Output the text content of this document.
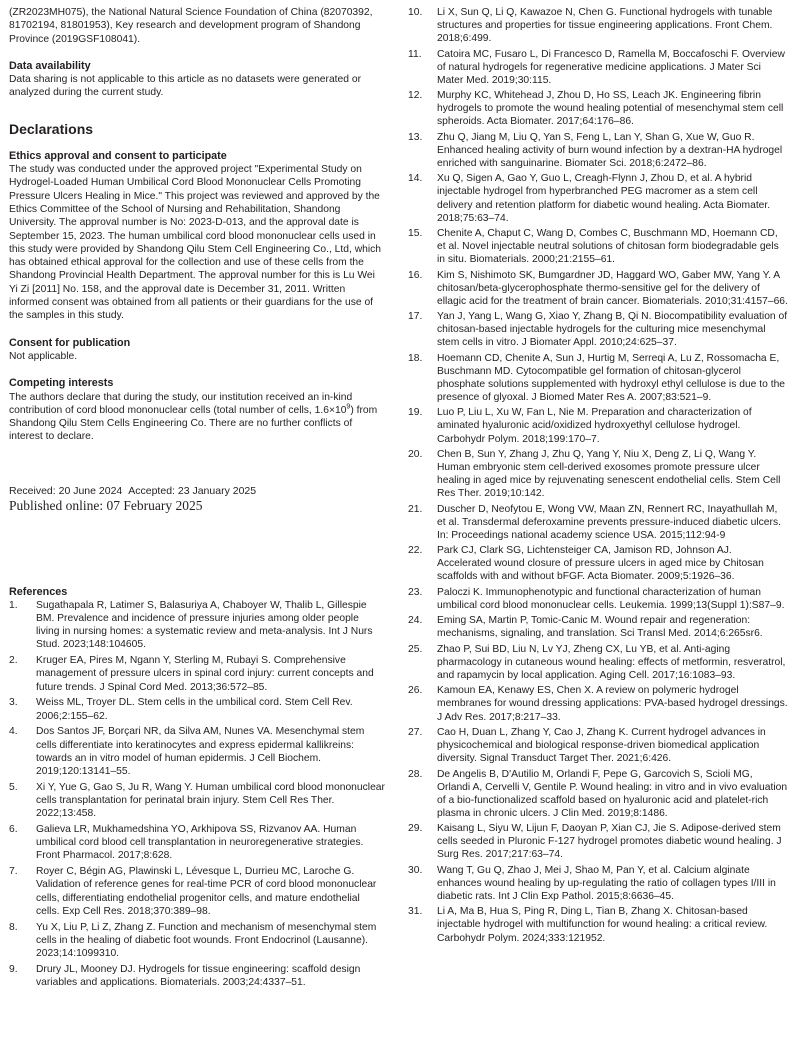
(ZR2023MH075), the National Natural Science Foundation of China (82070392, 81702194, 81801953), Key research and development program of Shandong Province (2019GSF108041).

Data availability

Data sharing is not applicable to this article as no datasets were generated or analyzed during the current study.

Declarations
Ethics approval and consent to participate

The study was conducted under the approved project "Experimental Study on Hydrogel-Loaded Human Umbilical Cord Blood Mononuclear Cells Promoting Pressure Ulcers Healing in Mice." This project was reviewed and approved by the Ethics Committee of the School of Nursing and Rehabilitation, Shandong University. The approval number is No: 2023-D-013, and the approval date is September 15, 2023. The human umbilical cord blood mononuclear cells used in this study were provided by Shandong Qilu Stem Cell Engineering Co., Ltd, which has obtained ethical approval for the collection and use of these cells from the Shandong Provincial Health Department. The approval number for this is Lu Wei Yi Zi [2011] No. 158, and the approval date is December 31, 2011. Written informed consent was obtained from all patients or their guardians for the use of the samples in this study.

Consent for publication

Not applicable.

Competing interests

The authors declare that during the study, our institution received an in-kind contribution of cord blood mononuclear cells (total number of cells, $1.6\times 10^9$) from Shandong Qilu Stem Cells Engineering Co. There are no further conflicts of interest to declare.

Received: 20 June 2024 Accepted: 23 January 2025
Published online: 07 February 2025
References
1.	Sugathapala R, Latimer S, Balasuriya A, Chaboyer W, Thalib L, Gillespie BM. Prevalence and incidence of pressure injuries among older people living in nursing homes: a systematic review and meta-analysis. Int J Nurs Stud. 2023;148:104605.
2.	Kruger EA, Pires M, Ngann Y, Sterling M, Rubayi S. Comprehensive management of pressure ulcers in spinal cord injury: current concepts and future trends. J Spinal Cord Med. 2013;36:572–85.
3.	Weiss ML, Troyer DL. Stem cells in the umbilical cord. Stem Cell Rev. 2006;2:155–62.
4.	Dos Santos JF, Borçari NR, da Silva AM, Nunes VA. Mesenchymal stem cells differentiate into keratinocytes and express epidermal kallikreins: towards an in vitro model of human epidermis. J Cell Biochem. 2019;120:13141–55.
5.	Xi Y, Yue G, Gao S, Ju R, Wang Y. Human umbilical cord blood mononuclear cells transplantation for perinatal brain injury. Stem Cell Res Ther. 2022;13:458.
6.	Galieva LR, Mukhamedshina YO, Arkhipova SS, Rizvanov AA. Human umbilical cord blood cell transplantation in neuroregenerative strategies. Front Pharmacol. 2017;8:628.
7.	Royer C, Bégin AG, Plawinski L, Lévesque L, Durrieu MC, Laroche G. Validation of reference genes for real-time PCR of cord blood mononuclear cells, differentiating endothelial progenitor cells, and mature endothelial cells. Exp Cell Res. 2018;370:389–98.
8.	Yu X, Liu P, Li Z, Zhang Z. Function and mechanism of mesenchymal stem cells in the healing of diabetic foot wounds. Front Endocrinol (Lausanne). 2023;14:1099310.
9.	Drury JL, Mooney DJ. Hydrogels for tissue engineering: scaffold design variables and applications. Biomaterials. 2003;24:4337–51.
10.	Li X, Sun Q, Li Q, Kawazoe N, Chen G. Functional hydrogels with tunable structures and properties for tissue engineering applications. Front Chem. 2018;6:499.
11.	Catoira MC, Fusaro L, Di Francesco D, Ramella M, Boccafoschi F. Overview of natural hydrogels for regenerative medicine applications. J Mater Sci Mater Med. 2019;30:115.
12.	Murphy KC, Whitehead J, Zhou D, Ho SS, Leach JK. Engineering fibrin hydrogels to promote the wound healing potential of mesenchymal stem cell spheroids. Acta Biomater. 2017;64:176–86.
13.	Zhu Q, Jiang M, Liu Q, Yan S, Feng L, Lan Y, Shan G, Xue W, Guo R. Enhanced healing activity of burn wound infection by a dextran-HA hydrogel enriched with sanguinarine. Biomater Sci. 2018;6:2472–86.
14.	Xu Q, Sigen A, Gao Y, Guo L, Creagh-Flynn J, Zhou D, et al. A hybrid injectable hydrogel from hyperbranched PEG macromer as a stem cell delivery and retention platform for diabetic wound healing. Acta Biomater. 2018;75:63–74.
15.	Chenite A, Chaput C, Wang D, Combes C, Buschmann MD, Hoemann CD, et al. Novel injectable neutral solutions of chitosan form biodegradable gels in situ. Biomaterials. 2000;21:2155–61.
16.	Kim S, Nishimoto SK, Bumgardner JD, Haggard WO, Gaber MW, Yang Y. A chitosan/beta-glycerophosphate thermo-sensitive gel for the delivery of ellagic acid for the treatment of brain cancer. Biomaterials. 2010;31:4157–66.
17.	Yan J, Yang L, Wang G, Xiao Y, Zhang B, Qi N. Biocompatibility evaluation of chitosan-based injectable hydrogels for the culturing mice mesenchymal stem cells in vitro. J Biomater Appl. 2010;24:625–37.
18.	Hoemann CD, Chenite A, Sun J, Hurtig M, Serreqi A, Lu Z, Rossomacha E, Buschmann MD. Cytocompatible gel formation of chitosan-glycerol phosphate solutions supplemented with hydroxyl ethyl cellulose is due to the presence of glyoxal. J Biomed Mater Res A. 2007;83:521–9.
19.	Luo P, Liu L, Xu W, Fan L, Nie M. Preparation and characterization of aminated hyaluronic acid/oxidized hydroxyethyl cellulose hydrogel. Carbohydr Polym. 2018;199:170–7.
20.	Chen B, Sun Y, Zhang J, Zhu Q, Yang Y, Niu X, Deng Z, Li Q, Wang Y. Human embryonic stem cell-derived exosomes promote pressure ulcer healing in aged mice by rejuvenating senescent endothelial cells. Stem Cell Res Ther. 2019;10:142.
21.	Duscher D, Neofytou E, Wong VW, Maan ZN, Rennert RC, Inayathullah M, et al. Transdermal deferoxamine prevents pressure-induced diabetic ulcers. In: Proceedings national academy science USA. 2015;112:94-9
22.	Park CJ, Clark SG, Lichtensteiger CA, Jamison RD, Johnson AJ. Accelerated wound closure of pressure ulcers in aged mice by Chitosan scaffolds with and without bFGF. Acta Biomater. 2009;5:1926–36.
23.	Paloczi K. Immunophenotypic and functional characterization of human umbilical cord blood mononuclear cells. Leukemia. 1999;13(Suppl 1):S87–9.
24.	Eming SA, Martin P, Tomic-Canic M. Wound repair and regeneration: mechanisms, signaling, and translation. Sci Transl Med. 2014;6:265sr6.
25.	Zhao P, Sui BD, Liu N, Lv YJ, Zheng CX, Lu YB, et al. Anti-aging pharmacology in cutaneous wound healing: effects of metformin, resveratrol, and rapamycin by local application. Aging Cell. 2017;16:1083–93.
26.	Kamoun EA, Kenawy ES, Chen X. A review on polymeric hydrogel membranes for wound dressing applications: PVA-based hydrogel dressings. J Adv Res. 2017;8:217–33.
27.	Cao H, Duan L, Zhang Y, Cao J, Zhang K. Current hydrogel advances in physicochemical and biological response-driven biomedical application diversity. Signal Transduct Target Ther. 2021;6:426.
28.	De Angelis B, D'Autilio M, Orlandi F, Pepe G, Garcovich S, Scioli MG, Orlandi A, Cervelli V, Gentile P. Wound healing: in vitro and in vivo evaluation of a bio-functionalized scaffold based on hyaluronic acid and platelet-rich plasma in chronic ulcers. J Clin Med. 2019;8:1486.
29.	Kaisang L, Siyu W, Lijun F, Daoyan P, Xian CJ, Jie S. Adipose-derived stem cells seeded in Pluronic F-127 hydrogel promotes diabetic wound healing. J Surg Res. 2017;217:63–74.
30.	Wang T, Gu Q, Zhao J, Mei J, Shao M, Pan Y, et al. Calcium alginate enhances wound healing by up-regulating the ratio of collagen types I/III in diabetic rats. Int J Clin Exp Pathol. 2015;8:6636–45.
31.	Li A, Ma B, Hua S, Ping R, Ding L, Tian B, Zhang X. Chitosan-based injectable hydrogel with multifunction for wound healing: a critical review. Carbohydr Polym. 2024;333:121952.
